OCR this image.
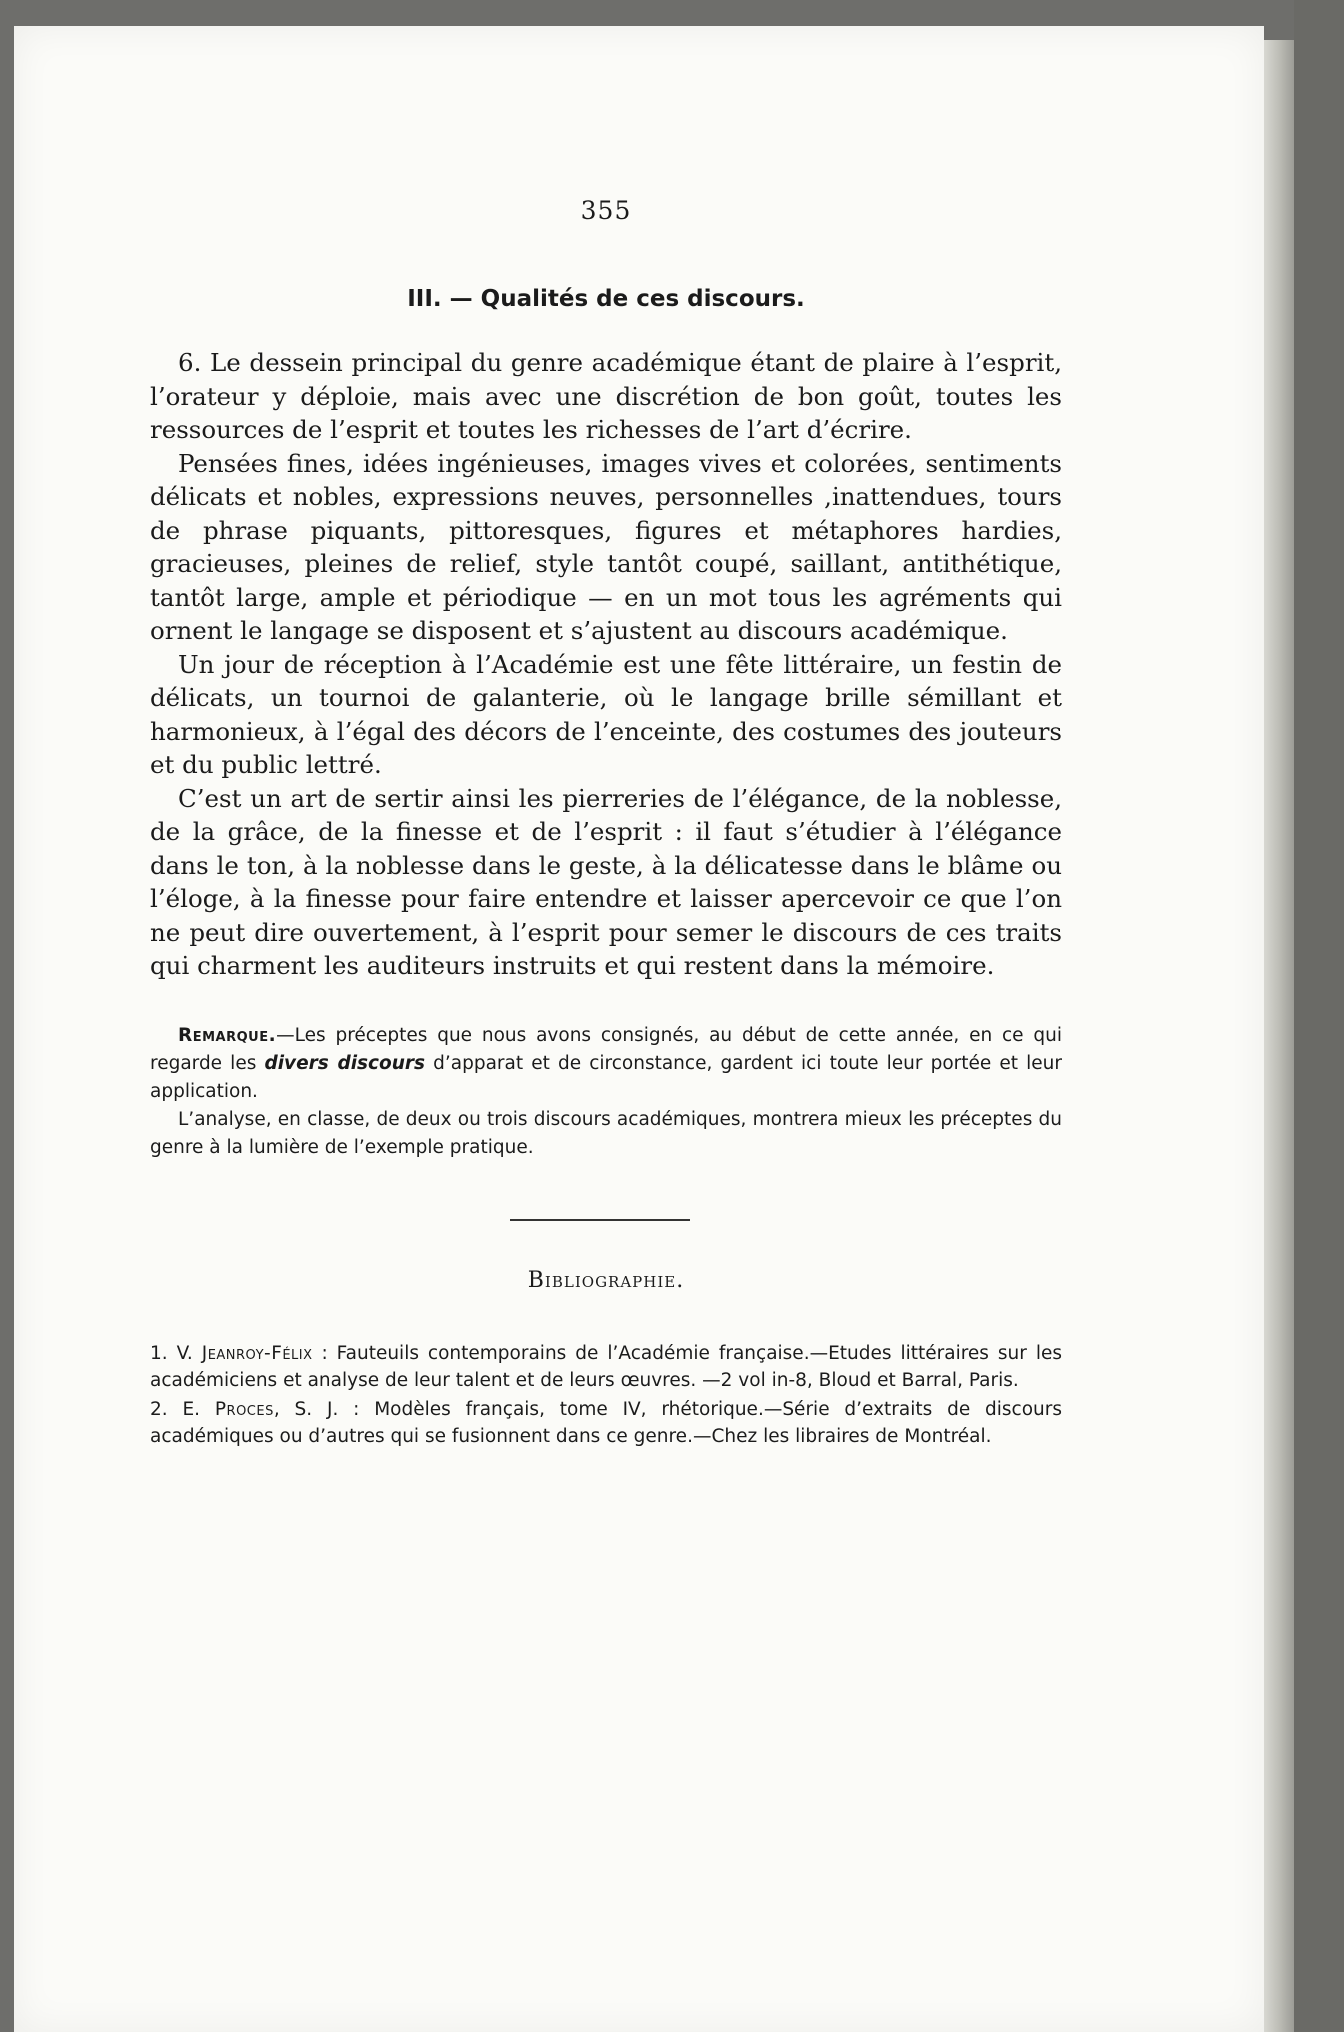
355
III. — Qualités de ces discours.

6. Le dessein principal du genre académique étant de plaire à l’esprit, l’orateur y déploie, mais avec une discrétion de bon goût, toutes les ressources de l’esprit et toutes les richesses de l’art d’écrire.

Pensées fines, idées ingénieuses, images vives et colorées, sentiments délicats et nobles, expressions neuves, personnelles ,inattendues, tours de phrase piquants, pittoresques, figures et métaphores hardies, gracieuses, pleines de relief, style tantôt coupé, saillant, antithétique, tantôt large, ample et périodique — en un mot tous les agréments qui ornent le langage se disposent et s’ajustent au discours académique.

Un jour de réception à l’Académie est une fête littéraire, un festin de délicats, un tournoi de galanterie, où le langage brille sémillant et harmonieux, à l’égal des décors de l’enceinte, des costumes des jouteurs et du public lettré.

C’est un art de sertir ainsi les pierreries de l’élégance, de la noblesse, de la grâce, de la finesse et de l’esprit : il faut s’étudier à l’élégance dans le ton, à la noblesse dans le geste, à la délicatesse dans le blâme ou l’éloge, à la finesse pour faire entendre et laisser apercevoir ce que l’on ne peut dire ouvertement, à l’esprit pour semer le discours de ces traits qui charment les auditeurs instruits et qui restent dans la mémoire.

Remarque.—Les préceptes que nous avons consignés, au début de cette année, en ce qui regarde les divers discours d’apparat et de circonstance, gardent ici toute leur portée et leur application.

L’analyse, en classe, de deux ou trois discours académiques, montrera mieux les préceptes du genre à la lumière de l’exemple pratique.

Bibliographie.

1. V. Jeanroy-Félix : Fauteuils contemporains de l’Académie française.—Etudes littéraires sur les académiciens et analyse de leur talent et de leurs œuvres. —2 vol in-8, Bloud et Barral, Paris.

2. E. Proces, S. J. : Modèles français, tome IV, rhétorique.—Série d’extraits de discours académiques ou d’autres qui se fusionnent dans ce genre.—Chez les libraires de Montréal.
